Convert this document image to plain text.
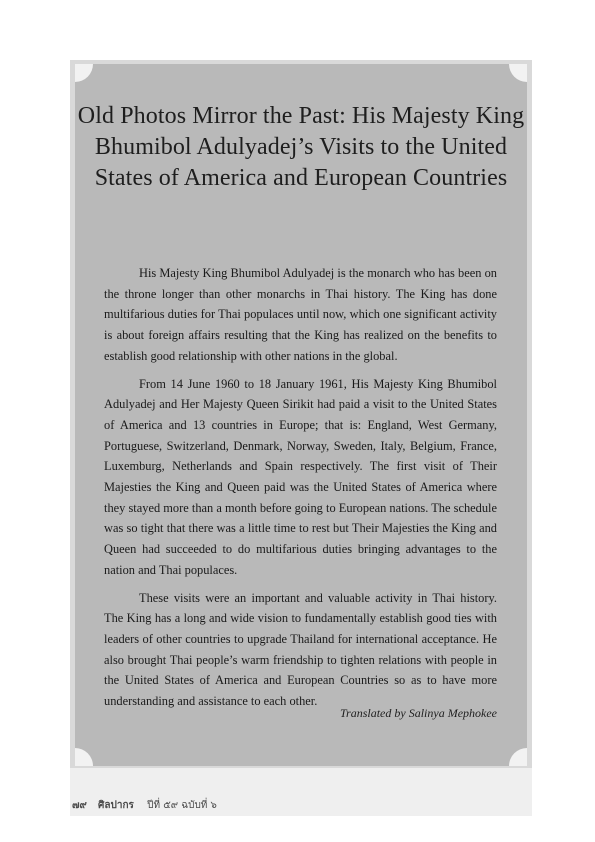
Old Photos Mirror the Past: His Majesty King Bhumibol Adulyadej’s Visits to the United States of America and European Countries

His Majesty King Bhumibol Adulyadej is the monarch who has been on the throne longer than other monarchs in Thai history. The King has done multifarious duties for Thai populaces until now, which one significant activity is about foreign affairs resulting that the King has realized on the benefits to establish good relationship with other nations in the global.

From 14 June 1960 to 18 January 1961, His Majesty King Bhumibol Adulyadej and Her Majesty Queen Sirikit had paid a visit to the United States of America and 13 countries in Europe; that is: England, West Germany, Portuguese, Switzerland, Denmark, Norway, Sweden, Italy, Belgium, France, Luxemburg, Netherlands and Spain respectively. The first visit of Their Majesties the King and Queen paid was the United States of America where they stayed more than a month before going to European nations. The schedule was so tight that there was a little time to rest but Their Majesties the King and Queen had succeeded to do multifarious duties bringing advantages to the nation and Thai populaces.

These visits were an important and valuable activity in Thai history. The King has a long and wide vision to fundamentally establish good ties with leaders of other countries to upgrade Thailand for international acceptance. He also brought Thai people’s warm friendship to tighten relations with people in the United States of America and European Countries so as to have more understanding and assistance to each other.

Translated by Salinya Mephokee
๗๙ ศิลปากร ปีที่ ๕๙ ฉบับที่ ๖
